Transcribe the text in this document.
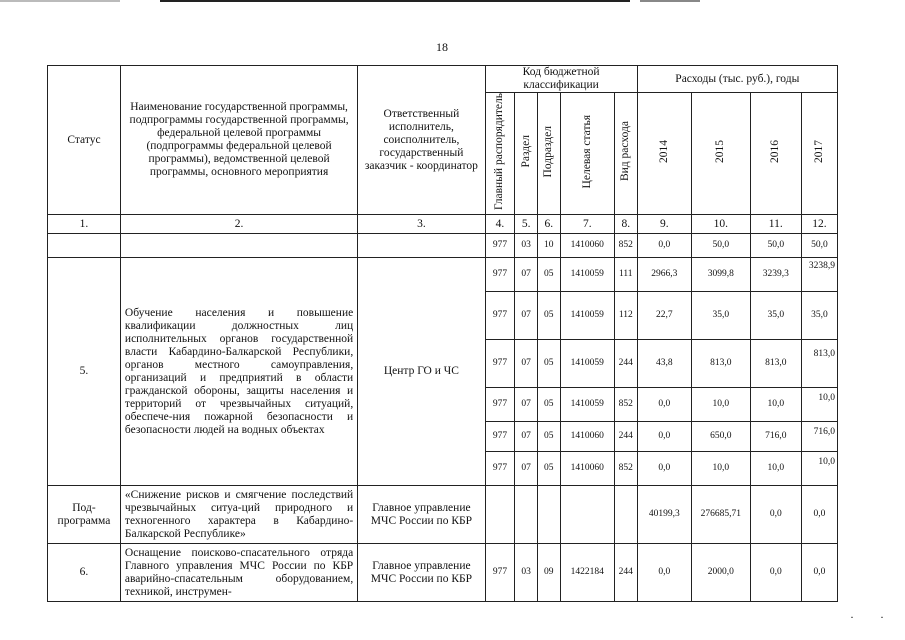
18
Статус	Наименование государственной программы, подпрограммы государственной программы, федеральной целевой программы (подпрограммы федеральной целевой программы), ведомственной целевой программы, основного мероприятия	Ответственный исполнитель, соисполнитель, государственный заказчик - координатор	Код бюджетной классификации					Расходы (тыс. руб.), годы			
			Главный распорядитель	Раздел	Подраздел	Целевая статья	Вид расхода	2014	2015	2016	2017
1.	2.	3.	4.	5.	6.	7.	8.	9.	10.	11.	12.
			977	03	10	1410060	852	0,0	50,0	50,0	50,0
5.	Обучение населения и повышение квалификации должностных лиц исполнительных органов государственной власти Кабардино-Балкарской Республики, органов местного самоуправления, организаций и предприятий в области гражданской обороны, защиты населения и территорий от чрезвычайных ситуаций, обеспече-ния пожарной безопасности и безопасности людей на водных объектах	Центр ГО и ЧС	977	07	05	1410059	111	2966,3	3099,8	3239,3	3238,9
			977	07	05	1410059	112	22,7	35,0	35,0	35,0
			977	07	05	1410059	244	43,8	813,0	813,0	813,0
			977	07	05	1410059	852	0,0	10,0	10,0	10,0
			977	07	05	1410060	244	0,0	650,0	716,0	716,0
			977	07	05	1410060	852	0,0	10,0	10,0	10,0
Под-программа	«Снижение рисков и смягчение последствий чрезвычайных ситуа-ций природного и техногенного характера в Кабардино-Балкарской Республике»	Главное управление МЧС России по КБР						40199,3	276685,71	0,0	0,0
6.	Оснащение поисково-спасательного отряда Главного управления МЧС России по КБР аварийно-спасательным оборудованием, техникой, инструмен-	Главное управление МЧС России по КБР	977	03	09	1422184	244	0,0	2000,0	0,0	0,0
· ·
